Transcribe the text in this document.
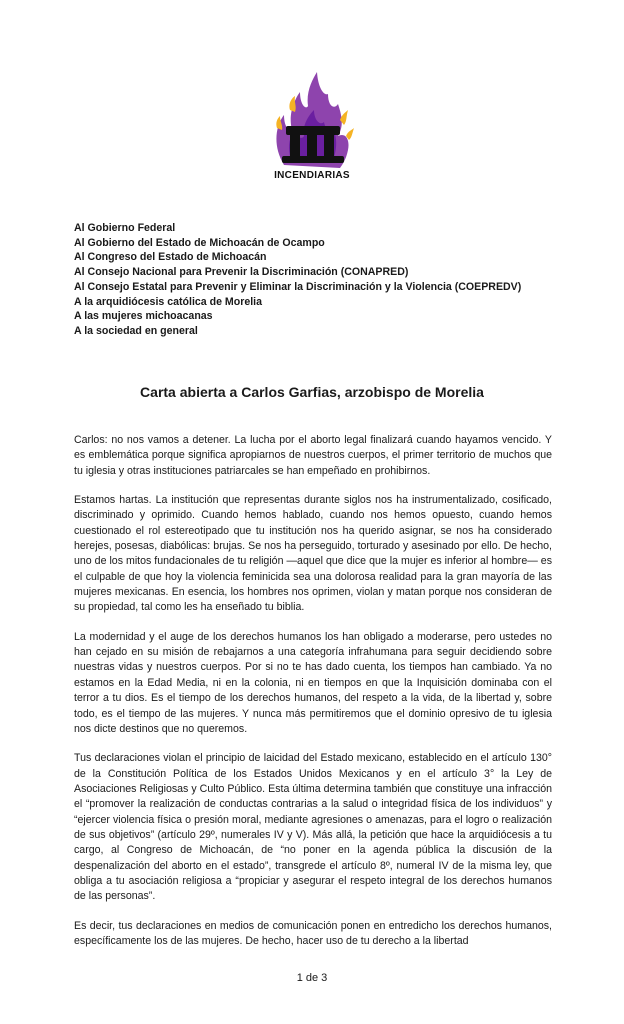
INCENDIARIAS
Al Gobierno Federal
Al Gobierno del Estado de Michoacán de Ocampo
Al Congreso del Estado de Michoacán
Al Consejo Nacional para Prevenir la Discriminación (CONAPRED)
Al Consejo Estatal para Prevenir y Eliminar la Discriminación y la Violencia (COEPREDV)
A la arquidiócesis católica de Morelia
A las mujeres michoacanas
A la sociedad en general
Carta abierta a Carlos Garfias, arzobispo de Morelia

Carlos: no nos vamos a detener. La lucha por el aborto legal finalizará cuando hayamos vencido. Y es emblemática porque significa apropiarnos de nuestros cuerpos, el primer territorio de muchos que tu iglesia y otras instituciones patriarcales se han empeñado en prohibirnos.

Estamos hartas. La institución que representas durante siglos nos ha instrumentalizado, cosificado, discriminado y oprimido. Cuando hemos hablado, cuando nos hemos opuesto, cuando hemos cuestionado el rol estereotipado que tu institución nos ha querido asignar, se nos ha considerado herejes, posesas, diabólicas: brujas. Se nos ha perseguido, torturado y asesinado por ello. De hecho, uno de los mitos fundacionales de tu religión —aquel que dice que la mujer es inferior al hombre— es el culpable de que hoy la violencia feminicida sea una dolorosa realidad para la gran mayoría de las mujeres mexicanas. En esencia, los hombres nos oprimen, violan y matan porque nos consideran de su propiedad, tal como les ha enseñado tu biblia.

La modernidad y el auge de los derechos humanos los han obligado a moderarse, pero ustedes no han cejado en su misión de rebajarnos a una categoría infrahumana para seguir decidiendo sobre nuestras vidas y nuestros cuerpos. Por si no te has dado cuenta, los tiempos han cambiado. Ya no estamos en la Edad Media, ni en la colonia, ni en tiempos en que la Inquisición dominaba con el terror a tu dios. Es el tiempo de los derechos humanos, del respeto a la vida, de la libertad y, sobre todo, es el tiempo de las mujeres. Y nunca más permitiremos que el dominio opresivo de tu iglesia nos dicte destinos que no queremos.

Tus declaraciones violan el principio de laicidad del Estado mexicano, establecido en el artículo 130° de la Constitución Política de los Estados Unidos Mexicanos y en el artículo 3° la Ley de Asociaciones Religiosas y Culto Público. Esta última determina también que constituye una infracción el “promover la realización de conductas contrarias a la salud o integridad física de los individuos” y “ejercer violencia física o presión moral, mediante agresiones o amenazas, para el logro o realización de sus objetivos” (artículo 29º, numerales IV y V). Más allá, la petición que hace la arquidiócesis a tu cargo, al Congreso de Michoacán, de “no poner en la agenda pública la discusión de la despenalización del aborto en el estado”, transgrede el artículo 8º, numeral IV de la misma ley, que obliga a tu asociación religiosa a “propiciar y asegurar el respeto integral de los derechos humanos de las personas”.

Es decir, tus declaraciones en medios de comunicación ponen en entredicho los derechos humanos, específicamente los de las mujeres. De hecho, hacer uso de tu derecho a la libertad

1 de 3
